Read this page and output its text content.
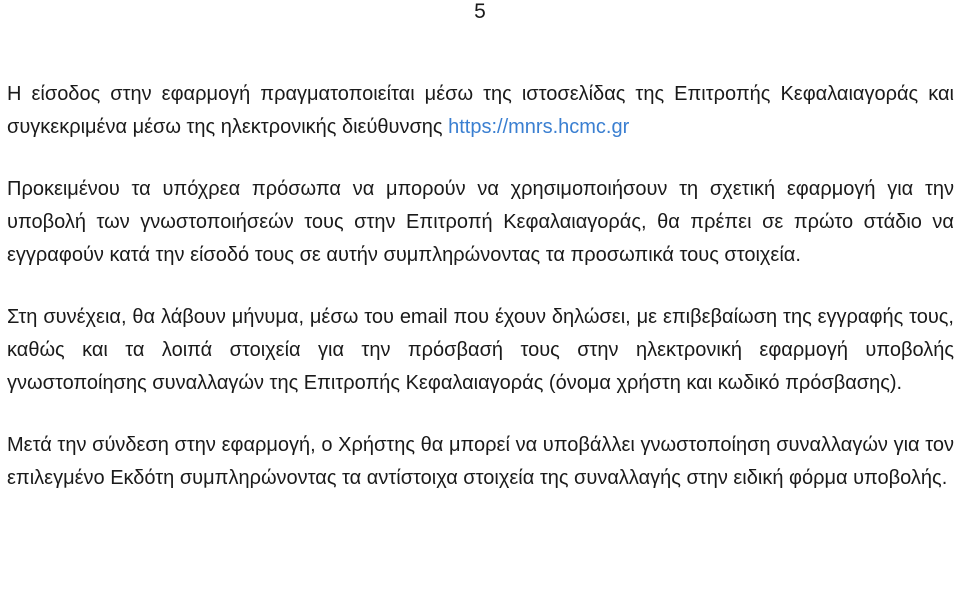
5

Η είσοδος στην εφαρμογή πραγματοποιείται μέσω της ιστοσελίδας της Επιτροπής Κεφαλαιαγοράς και συγκεκριμένα μέσω της ηλεκτρονικής διεύθυνσης https://mnrs.hcmc.gr

Προκειμένου τα υπόχρεα πρόσωπα να μπορούν να χρησιμοποιήσουν τη σχετική εφαρμογή για την υποβολή των γνωστοποιήσεών τους στην Επιτροπή Κεφαλαιαγοράς, θα πρέπει σε πρώτο στάδιο να εγγραφούν κατά την είσοδό τους σε αυτήν συμπληρώνοντας τα προσωπικά τους στοιχεία.

Στη συνέχεια, θα λάβουν μήνυμα, μέσω του email που έχουν δηλώσει, με επιβεβαίωση της εγγραφής τους, καθώς και τα λοιπά στοιχεία για την πρόσβασή τους στην ηλεκτρονική εφαρμογή υποβολής γνωστοποίησης συναλλαγών της Επιτροπής Κεφαλαιαγοράς (όνομα χρήστη και κωδικό πρόσβασης).

Μετά την σύνδεση στην εφαρμογή, ο Χρήστης θα μπορεί να υποβάλλει γνωστοποίηση συναλλαγών για τον επιλεγμένο Εκδότη συμπληρώνοντας τα αντίστοιχα στοιχεία της συναλλαγής στην ειδική φόρμα υποβολής.
